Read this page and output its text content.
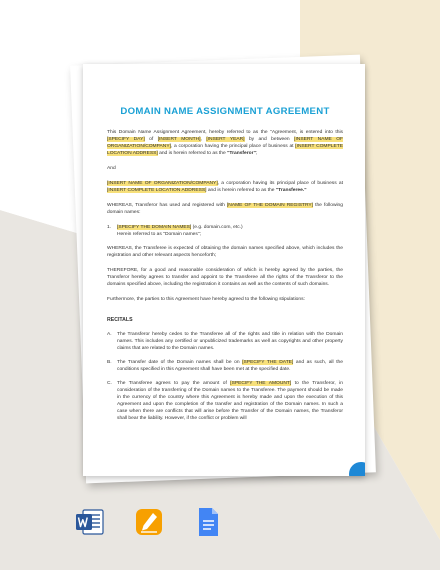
DOMAIN NAME ASSIGNMENT AGREEMENT
This Domain Name Assignment Agreement, hereby referred to as the "Agreement, is entered into this [SPECIFY DAY] of [INSERT MONTH], [INSERT YEAR] by and between [INSERT NAME OF ORGANIZATION/COMPANY], a corporation having the principal place of business at [INSERT COMPLETE LOCATION ADDRESS] and is herein referred to as the "Transferor";
And
[INSERT NAME OF ORGANIZATION/COMPANY], a corporation having its principal place of business at [INSERT COMPLETE LOCATION ADDRESS] and is herein referred to as the "Transferee."
WHEREAS, Transferor has used and registered with [NAME OF THE DOMAIN REGISTRY] the following domain names:
1.	[SPECIFY THE DOMAIN NAMES] (e.g. domain.com, etc.)
Herein referred to as "Domain names";
WHEREAS, the Transferee is expected of obtaining the domain names specified above, which includes the registration and other relevant aspects henceforth;
THEREFORE, for a good and reasonable consideration of which is hereby agreed by the parties, the Transferor hereby agrees to transfer and appoint to the Transferee all the rights of the Transferor to the domains specified above, including the registration it contains as well as the contents of such domains.
Furthermore, the parties to this Agreement have hereby agreed to the following stipulations:
RECITALS
A.	The Transferor hereby cedes to the Transferee all of the rights and title in relation with the Domain names. This includes any certified or unpublicized trademarks as well as copyrights and other property claims that are related to the Domain names.
B.	The Transfer date of the Domain names shall be on [SPECIFY THE DATE] and as such, all the conditions specified in this Agreement shall have been met at the specified date.
C.	The Transferee agrees to pay the amount of [SPECIFY THE AMOUNT] to the Transferor, in consideration of the transferring of the Domain names to the Transferee. The payment should be made in the currency of the country where this Agreement is hereby made and upon the execution of this Agreement and upon the completion of the transfer and registration of the Domain names. In such a case when there are conflicts that will arise before the Transfer of the Domain names, the Transferor shall bear the liability. However, if the conflict or problem will
